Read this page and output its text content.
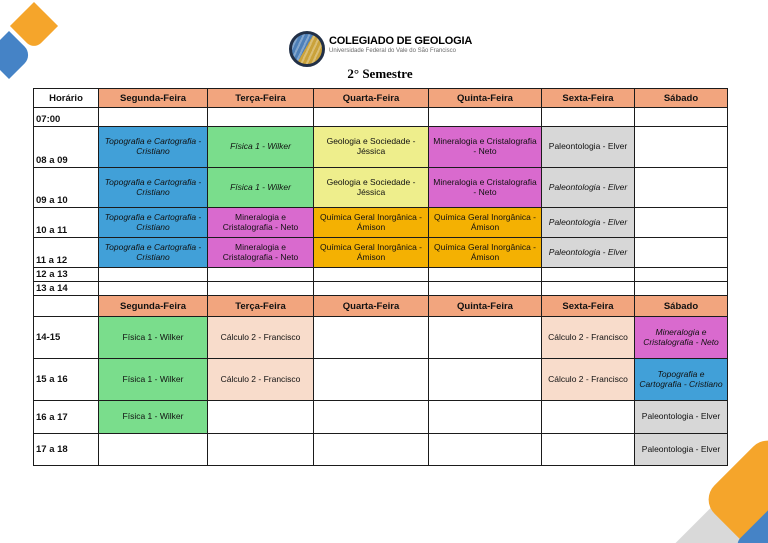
COLEGIADO DE GEOLOGIA
Universidade Federal do Vale do São Francisco
2° Semestre
Horário	Segunda-Feira	Terça-Feira	Quarta-Feira	Quinta-Feira	Sexta-Feira	Sábado
07:00						
08 a 09	Topografia e Cartografia - Cristiano	Física 1 - Wilker	Geologia e Sociedade - Jéssica	Mineralogia e Cristalografia - Neto	Paleontologia - Elver	
09 a 10	Topografia e Cartografia -Cristiano	Física 1 - Wilker	Geologia e Sociedade - Jéssica	Mineralogia e Cristalografia - Neto	Paleontologia - Elver	
10 a 11	Topografia e Cartografia - Cristiano	Mineralogia e Cristalografia - Neto	Química Geral Inorgânica - Ámison	Química Geral Inorgânica - Ámison	Paleontologia - Elver	
11 a 12	Topografia e Cartografia - Cristiano	Mineralogia e Cristalografia - Neto	Química Geral Inorgânica - Ámison	Química Geral Inorgânica - Ámison	Paleontologia - Elver	
12 a 13						
13 a 14						
	Segunda-Feira	Terça-Feira	Quarta-Feira	Quinta-Feira	Sexta-Feira	Sábado
14-15	Física 1 - Wilker	Cálculo 2 - Francisco			Cálculo 2 - Francisco	Mineralogia e Cristalografia - Neto
15 a 16	Física 1 - Wilker	Cálculo 2 - Francisco			Cálculo 2 - Francisco	Topografia e Cartografia - Cristiano
16 a 17	Física 1 - Wilker					Paleontologia - Elver
17 a 18						Paleontologia - Elver
